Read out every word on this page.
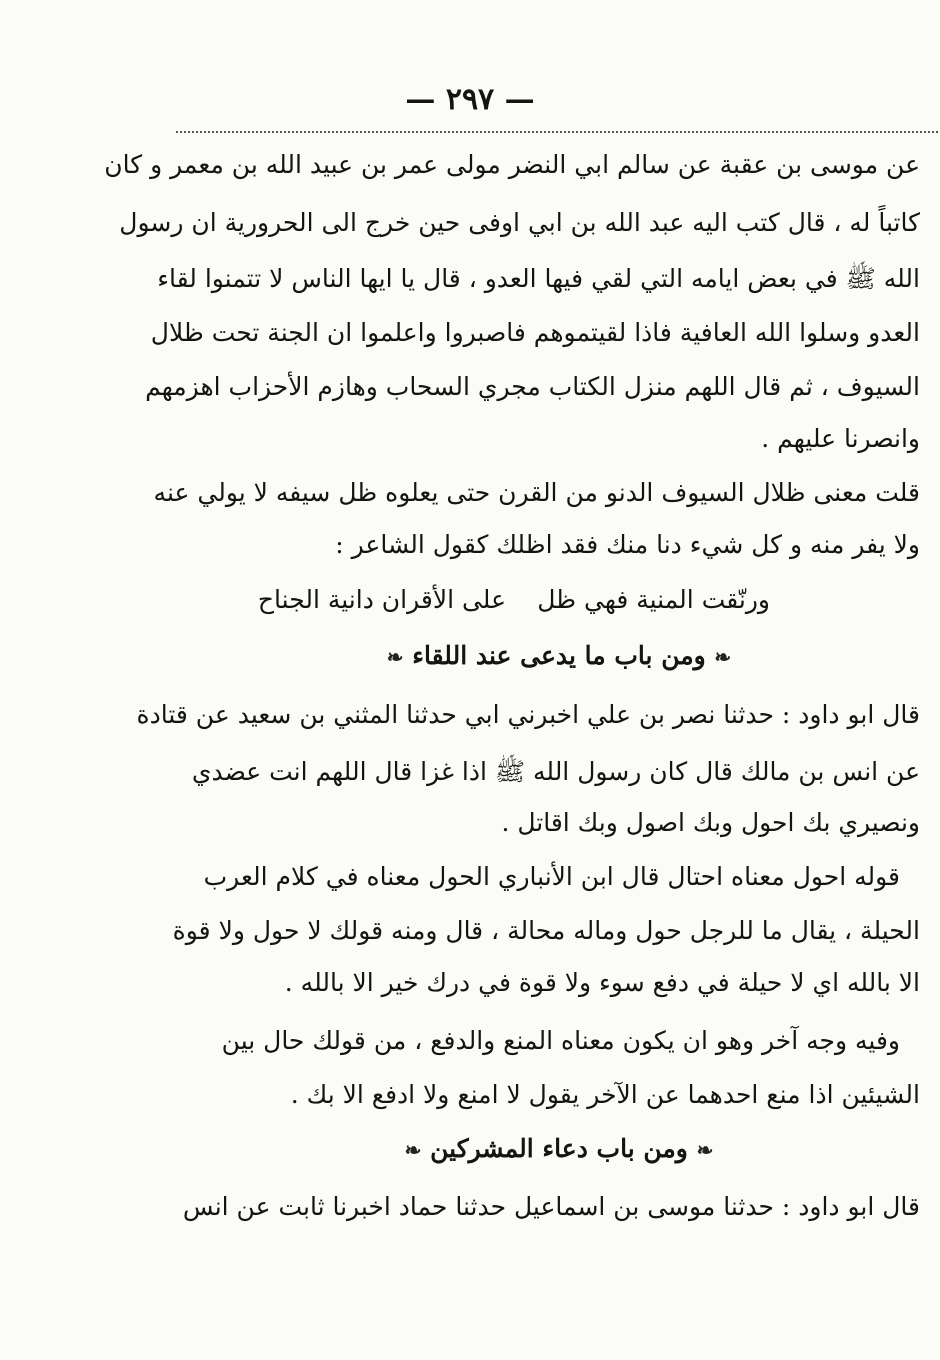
— ٢٩٧ —
عن موسى بن عقبة عن سالم ابي النضر مولى عمر بن عبيد الله بن معمر و كان
كاتباً له ، قال كتب اليه عبد الله بن ابي اوفى حين خرج الى الحرورية ان رسول
الله ﷺ في بعض ايامه التي لقي فيها العدو ، قال يا ايها الناس لا تتمنوا لقاء
العدو وسلوا الله العافية فاذا لقيتموهم فاصبروا واعلموا ان الجنة تحت ظلال
السيوف ، ثم قال اللهم منزل الكتاب مجري السحاب وهازم الأحزاب اهزمهم
وانصرنا عليهم .
قلت معنى ظلال السيوف الدنو من القرن حتى يعلوه ظل سيفه لا يولي عنه
ولا يفر منه و كل شيء دنا منك فقد اظلك كقول الشاعر :
ورنّقت المنية فهي ظل
على الأقران دانية الجناح
❧ ومن باب ما يدعى عند اللقاء ❧
قال ابو داود : حدثنا نصر بن علي اخبرني ابي حدثنا المثني بن سعيد عن قتادة
عن انس بن مالك قال كان رسول الله ﷺ اذا غزا قال اللهم انت عضدي
ونصيري بك احول وبك اصول وبك اقاتل .
قوله احول معناه احتال قال ابن الأنباري الحول معناه في كلام العرب
الحيلة ، يقال ما للرجل حول وماله محالة ، قال ومنه قولك لا حول ولا قوة
الا بالله اي لا حيلة في دفع سوء ولا قوة في درك خير الا بالله .
وفيه وجه آخر وهو ان يكون معناه المنع والدفع ، من قولك حال بين
الشيئين اذا منع احدهما عن الآخر يقول لا امنع ولا ادفع الا بك .
❧ ومن باب دعاء المشركين ❧
قال ابو داود : حدثنا موسى بن اسماعيل حدثنا حماد اخبرنا ثابت عن انس
